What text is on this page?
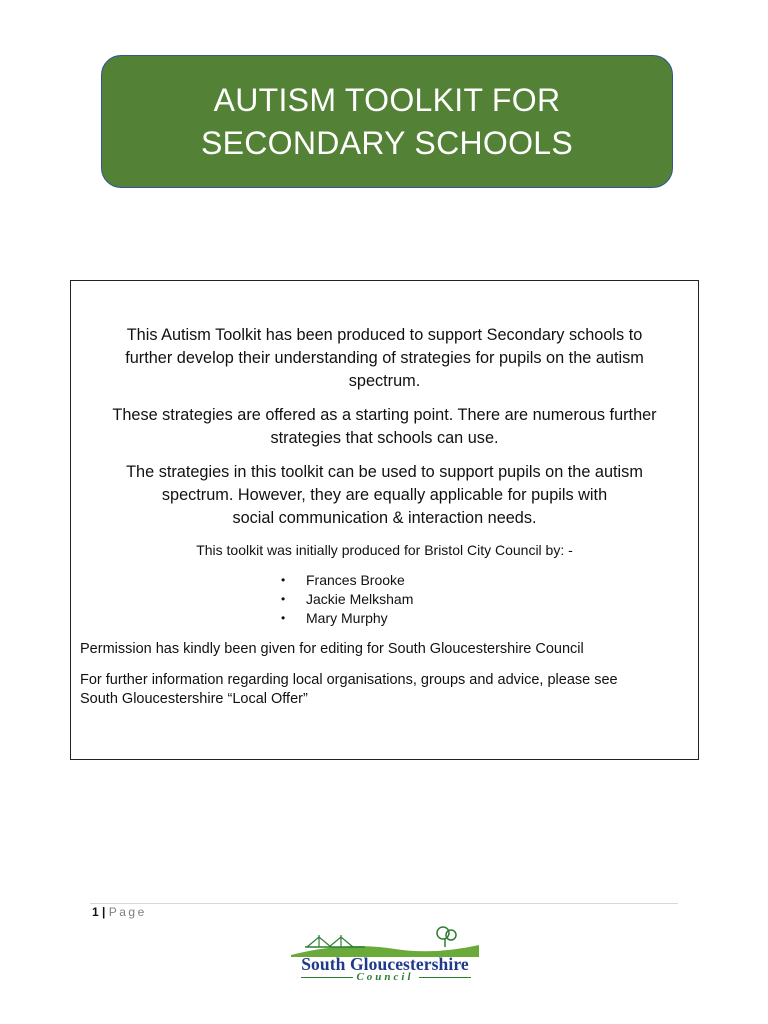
AUTISM TOOLKIT FOR
SECONDARY SCHOOLS
This Autism Toolkit has been produced to support Secondary schools to
further develop their understanding of strategies for pupils on the autism
spectrum.
These strategies are offered as a starting point. There are numerous further
strategies that schools can use.
The strategies in this toolkit can be used to support pupils on the autism
spectrum. However, they are equally applicable for pupils with
social communication & interaction needs.
This toolkit was initially produced for Bristol City Council by: -
• Frances Brooke
• Jackie Melksham
• Mary Murphy
Permission has kindly been given for editing for South Gloucestershire Council
For further information regarding local organisations, groups and advice, please see
South Gloucestershire “Local Offer”
1 | Page
South Gloucestershire
Council
